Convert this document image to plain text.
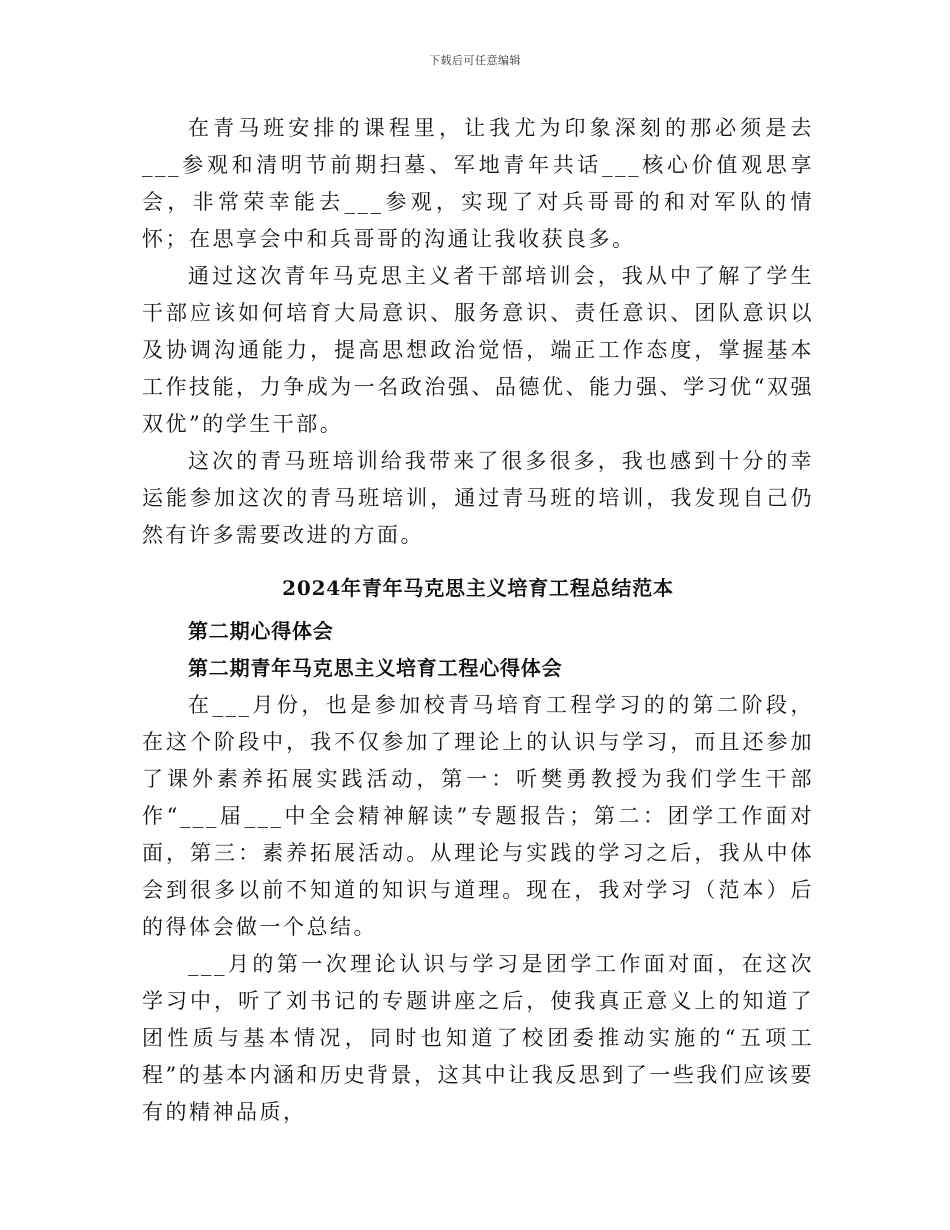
下载后可任意编辑

在青马班安排的课程里，让我尤为印象深刻的那必须是去___参观和清明节前期扫墓、军地青年共话___核心价值观思享会，非常荣幸能去___参观，实现了对兵哥哥的和对军队的情怀；在思享会中和兵哥哥的沟通让我收获良多。

通过这次青年马克思主义者干部培训会，我从中了解了学生干部应该如何培育大局意识、服务意识、责任意识、团队意识以及协调沟通能力，提高思想政治觉悟，端正工作态度，掌握基本工作技能，力争成为一名政治强、品德优、能力强、学习优“双强双优”的学生干部。

这次的青马班培训给我带来了很多很多，我也感到十分的幸运能参加这次的青马班培训，通过青马班的培训，我发现自己仍然有许多需要改进的方面。

2024年青年马克思主义培育工程总结范本
第二期心得体会
第二期青年马克思主义培育工程心得体会

在___月份，也是参加校青马培育工程学习的的第二阶段，在这个阶段中，我不仅参加了理论上的认识与学习，而且还参加了课外素养拓展实践活动，第一：听樊勇教授为我们学生干部作“___届___中全会精神解读”专题报告；第二：团学工作面对面，第三：素养拓展活动。从理论与实践的学习之后，我从中体会到很多以前不知道的知识与道理。现在，我对学习（范本）后的得体会做一个总结。

___月的第一次理论认识与学习是团学工作面对面，在这次学习中，听了刘书记的专题讲座之后，使我真正意义上的知道了团性质与基本情况，同时也知道了校团委推动实施的“五项工程”的基本内涵和历史背景，这其中让我反思到了一些我们应该要有的精神品质，
